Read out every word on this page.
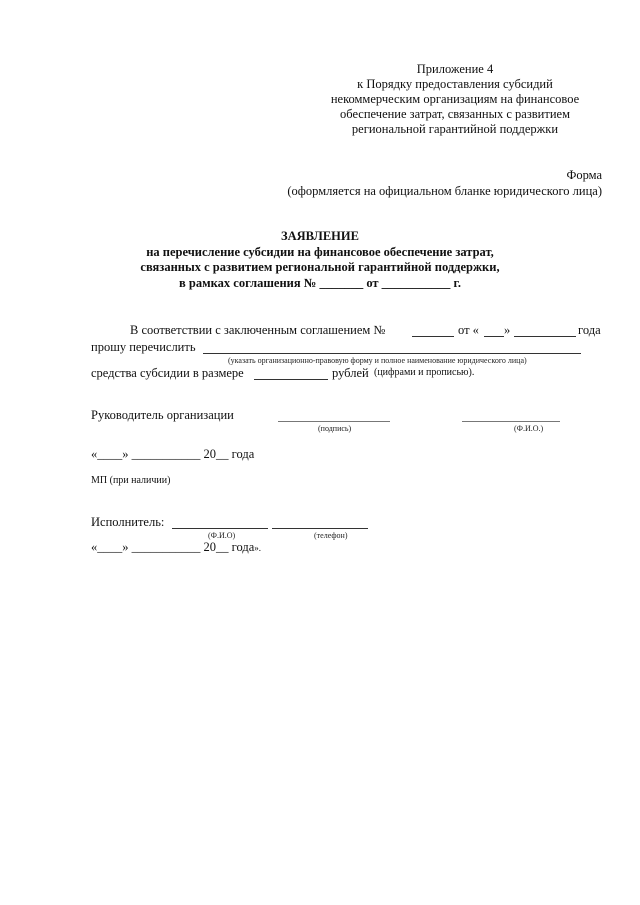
Приложение 4
к Порядку предоставления субсидий
некоммерческим организациям на финансовое
обеспечение затрат, связанных с развитием
региональной гарантийной поддержки
Форма
(оформляется на официальном бланке юридического лица)
ЗАЯВЛЕНИЕ
на перечисление субсидии на финансовое обеспечение затрат,
связанных с развитием региональной гарантийной поддержки,
в рамках соглашения № _______ от ___________ г.
В соответствии с заключенным соглашением №	от « »	года
прошу перечислить
(указать организационно-правовую форму и полное наименование юридического лица)
средства субсидии в размере	рублей (цифрами и прописью).
Руководитель организации
(подпись)	(Ф.И.О.)
«____» ___________ 20__ года
МП (при наличии)
Исполнитель:
(Ф.И.О)	(телефон)
«____» ___________ 20__ года».
